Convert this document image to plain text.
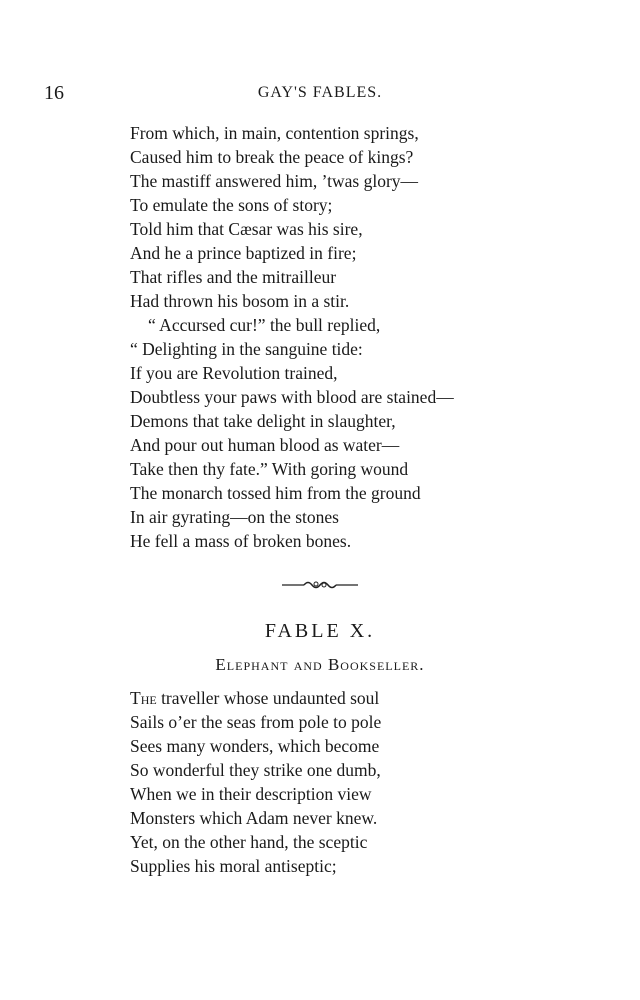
16	GAY'S FABLES.
From which, in main, contention springs,
Caused him to break the peace of kings?
The mastiff answered him, ’twas glory—
To emulate the sons of story;
Told him that Cæsar was his sire,
And he a prince baptized in fire;
That rifles and the mitrailleur
Had thrown his bosom in a stir.
“ Accursed cur!” the bull replied,
“ Delighting in the sanguine tide:
If you are Revolution trained,
Doubtless your paws with blood are stained—
Demons that take delight in slaughter,
And pour out human blood as water—
Take then thy fate.” With goring wound
The monarch tossed him from the ground
In air gyrating—on the stones
He fell a mass of broken bones.
FABLE X.
Elephant and Bookseller.
The traveller whose undaunted soul
Sails o’er the seas from pole to pole
Sees many wonders, which become
So wonderful they strike one dumb,
When we in their description view
Monsters which Adam never knew.
Yet, on the other hand, the sceptic
Supplies his moral antiseptic;
